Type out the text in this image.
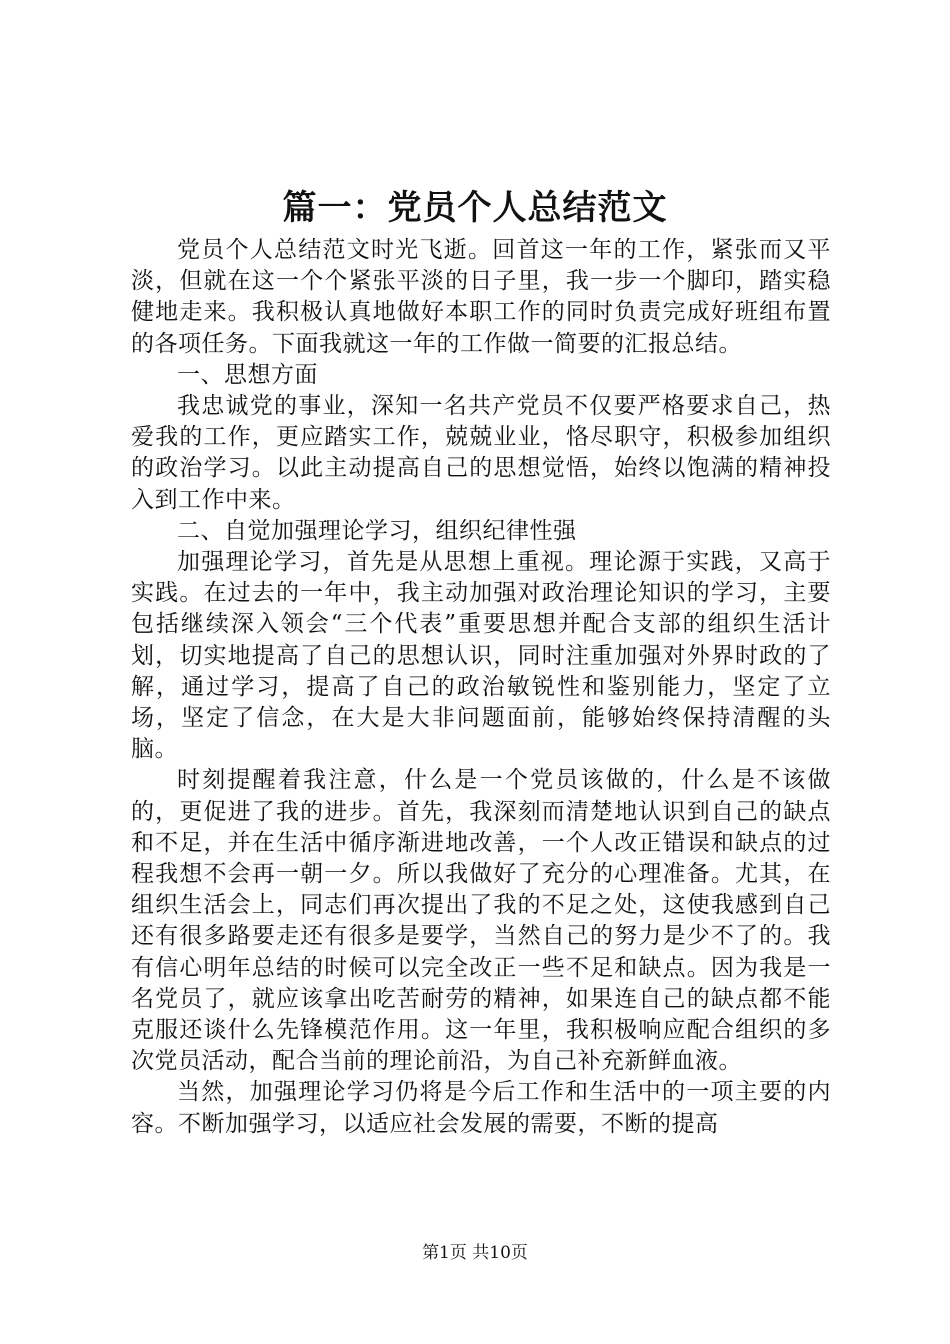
篇一：党员个人总结范文

党员个人总结范文时光飞逝。回首这一年的工作，紧张而又平淡，但就在这一个个紧张平淡的日子里，我一步一个脚印，踏实稳健地走来。我积极认真地做好本职工作的同时负责完成好班组布置的各项任务。下面我就这一年的工作做一简要的汇报总结。

一、思想方面

我忠诚党的事业，深知一名共产党员不仅要严格要求自己，热爱我的工作，更应踏实工作，兢兢业业，恪尽职守，积极参加组织的政治学习。以此主动提高自己的思想觉悟，始终以饱满的精神投入到工作中来。

二、自觉加强理论学习，组织纪律性强

加强理论学习，首先是从思想上重视。理论源于实践，又高于实践。在过去的一年中，我主动加强对政治理论知识的学习，主要包括继续深入领会“三个代表”重要思想并配合支部的组织生活计划，切实地提高了自己的思想认识，同时注重加强对外界时政的了解，通过学习，提高了自己的政治敏锐性和鉴别能力，坚定了立场，坚定了信念，在大是大非问题面前，能够始终保持清醒的头脑。

时刻提醒着我注意，什么是一个党员该做的，什么是不该做的，更促进了我的进步。首先，我深刻而清楚地认识到自己的缺点和不足，并在生活中循序渐进地改善，一个人改正错误和缺点的过程我想不会再一朝一夕。所以我做好了充分的心理准备。尤其，在组织生活会上，同志们再次提出了我的不足之处，这使我感到自己还有很多路要走还有很多是要学，当然自己的努力是少不了的。我有信心明年总结的时候可以完全改正一些不足和缺点。因为我是一名党员了，就应该拿出吃苦耐劳的精神，如果连自己的缺点都不能克服还谈什么先锋模范作用。这一年里，我积极响应配合组织的多次党员活动，配合当前的理论前沿，为自己补充新鲜血液。

当然，加强理论学习仍将是今后工作和生活中的一项主要的内容。不断加强学习，以适应社会发展的需要，不断的提高

第1页 共10页
